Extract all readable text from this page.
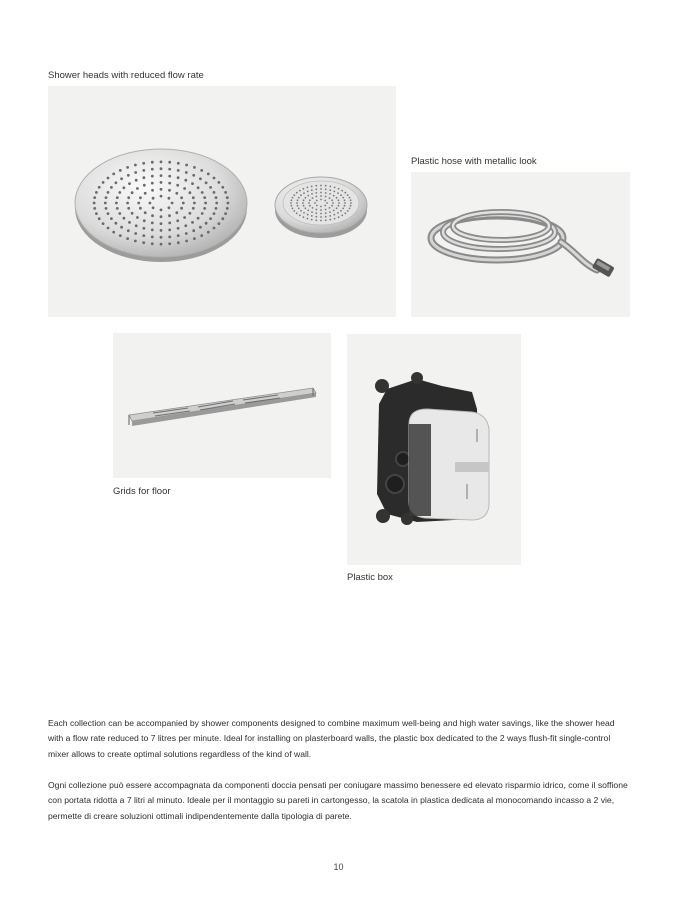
Shower heads with reduced flow rate
Plastic hose with metallic look
Grids for floor
Plastic box

Each collection can be accompanied by shower components designed to combine maximum well-being and high water savings, like the shower head with a flow rate reduced to 7 litres per minute. Ideal for installing on plasterboard walls, the plastic box dedicated to the 2 ways flush-fit single-control mixer allows to create optimal solutions regardless of the kind of wall.

Ogni collezione può essere accompagnata da componenti doccia pensati per coniugare massimo benessere ed elevato risparmio idrico, come il soffione con portata ridotta a 7 litri al minuto. Ideale per il montaggio su pareti in cartongesso, la scatola in plastica dedicata al monocomando incasso a 2 vie, permette di creare soluzioni ottimali indipendentemente dalla tipologia di parete.

10
